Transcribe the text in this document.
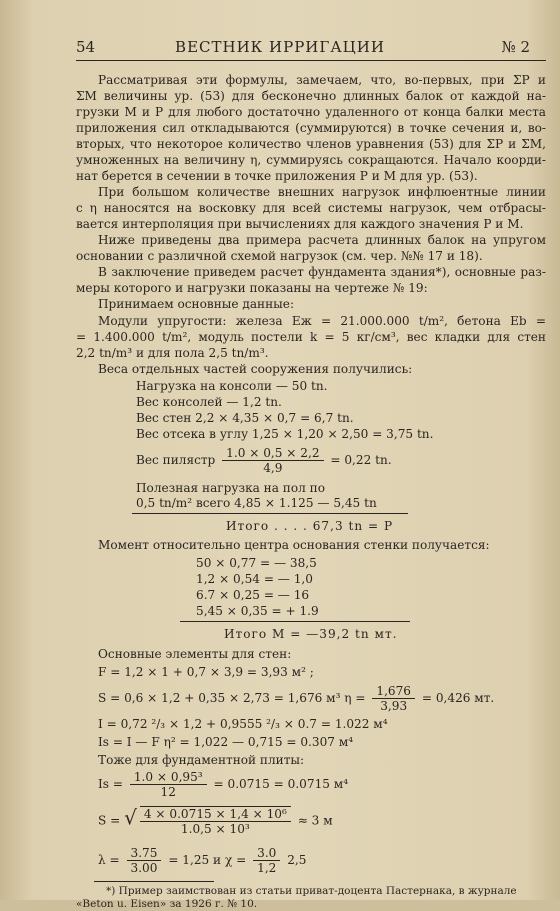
54	ВЕСТНИК ИРРИГАЦИИ	№ 2
Рассматривая эти формулы, замечаем, что, во-первых, при ΣР и
ΣМ величины ур. (53) для бесконечно длинных балок от каждой на-
грузки М и Р для любого достаточно удаленного от конца балки места
приложения сил откладываются (суммируются) в точке сечения и, во-
вторых, что некоторое количество членов уравнения (53) для ΣР и ΣМ,
умноженных на величину η, суммируясь сокращаются. Начало коорди-
нат берется в сечении в точке приложения Р и М для ур. (53).
При большом количестве внешних нагрузок инфлюентные линии
с η наносятся на восковку для всей системы нагрузок, чем отбрасы-
вается интерполяция при вычислениях для каждого значения Р и М.
Ниже приведены два примера расчета длинных балок на упругом
основании с различной схемой нагрузок (см. чер. №№ 17 и 18).
В заключение приведем расчет фундамента здания*), основные раз-
меры которого и нагрузки показаны на чертеже № 19:
Принимаем основные данные:
Модули упругости: железа Eж = 21.000.000 t/m², бетона Eb =
= 1.400.000 t/m², модуль постели k = 5 кг/см³, вес кладки для стен
2,2 tn/m³ и для пола 2,5 tn/m³.
Веса отдельных частей сооружения получились:
Нагрузка на консоли — 50 tn.
Вес консолей — 1,2 tn.
Вес стен 2,2 × 4,35 × 0,7 = 6,7 tn.
Вес отсека в углу 1,25 × 1,20 × 2,50 = 3,75 tn.
Вес пилястр $\frac{1.0 \times 0,5 \times 2,2}{4,9} = 0,22$ tn.
Полезная нагрузка на пол по
0,5 tn/m² всего 4,85 × 1.125 — 5,45 tn
Итого . . . . 67,3 tn = P
Момент относительно центра основания стенки получается:
50 × 0,77 = — 38,5
1,2 × 0,54 = — 1,0
6.7 × 0,25 = — 16
5,45 × 0,35 = + 1.9
Итого М = —39,2 tn мт.
Основные элементы для стен:
F = 1,2 × 1 + 0,7 × 3,9 = 3,93 м² ;
S = 0,6 × 1,2 + 0,35 × 2,73 = 1,676 м³ $\eta = \frac{1,676}{3,93} = 0,426$ мт.
I = 0,72 ²/₃ × 1,2 + 0,9555 ²/₃ × 0.7 = 1.022 м⁴
Is = I — F η² = 1,022 — 0,715 = 0.307 м⁴
Тоже для фундаментной плиты:
$Is = \frac{\text{1.0 × 0,95³}}{12} = 0.0715 = 0.0715$ м⁴
S = √ $\frac{\text{4 × 0.0715 × 1,4 × 10⁶}}{\text{1.0,5 × 10³}} \approx 3$ м
$\lambda = \frac{3.75}{3.00} = 1,25$ и $\chi = \frac{3.0}{1,2} 2,5$
*) Пример заимствован из статьи приват-доцента Пастернака, в журнале
«Beton u. Eisen» за 1926 г. № 10.
